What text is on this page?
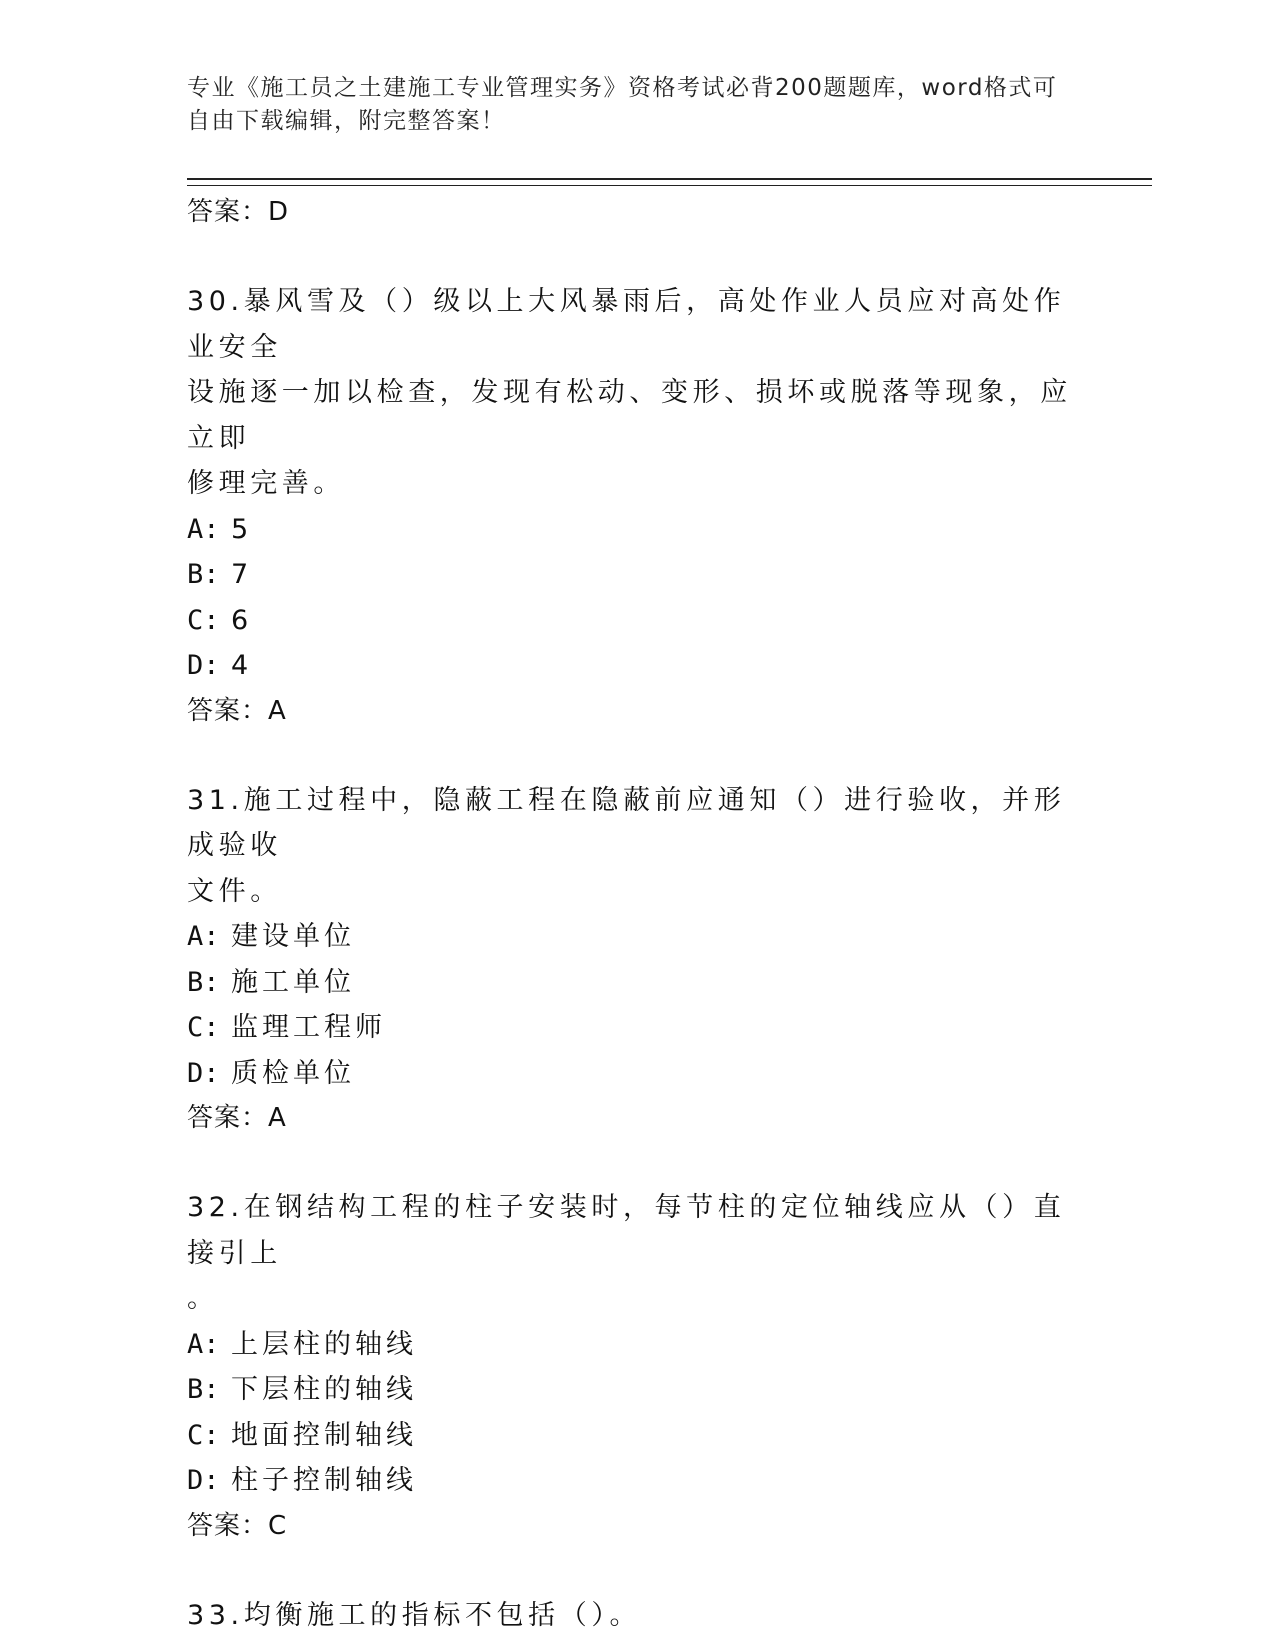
专业《施工员之土建施工专业管理实务》资格考试必背200题题库，word格式可
自由下载编辑，附完整答案！

答案：D

30.暴风雪及（）级以上大风暴雨后，高处作业人员应对高处作业安全

设施逐一加以检查，发现有松动、变形、损坏或脱落等现象，应立即

修理完善。

A: 5

B: 7

C: 6

D: 4

答案：A

31.施工过程中，隐蔽工程在隐蔽前应通知（）进行验收，并形成验收

文件。

A: 建设单位

B: 施工单位

C: 监理工程师

D: 质检单位

答案：A

32.在钢结构工程的柱子安装时，每节柱的定位轴线应从（）直接引上

。

A: 上层柱的轴线

B: 下层柱的轴线

C: 地面控制轴线

D: 柱子控制轴线

答案：C

33.均衡施工的指标不包括（）。
